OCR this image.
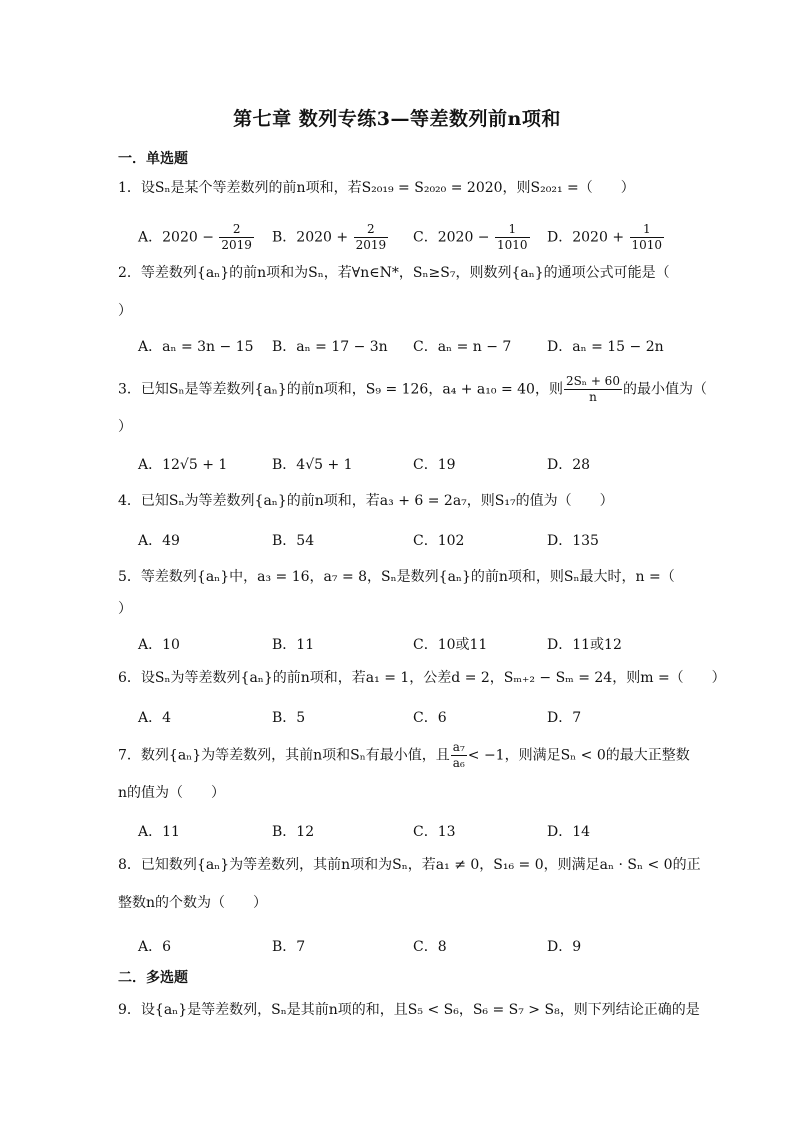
第七章 数列专练3—等差数列前n项和
一．单选题
1．设Sₙ是某个等差数列的前n项和，若S₂₀₁₉ = S₂₀₂₀ = 2020，则S₂₀₂₁ =（　　）
A．$2020 - \frac{2}{2019}$ B．$2020 + \frac{2}{2019}$ C．$2020 - \frac{1}{1010}$ D．$2020 + \frac{1}{1010}$
2．等差数列{aₙ}的前n项和为Sₙ，若∀n∈N*，Sₙ≥S₇，则数列{aₙ}的通项公式可能是（
）
A．aₙ = 3n − 15 B．aₙ = 17 − 3n C．aₙ = n − 7	D．aₙ = 15 − 2n
3．已知Sₙ是等差数列{aₙ}的前n项和，S₉ = 126，a₄ + a₁₀ = 40，则 $\frac{\text{2Sₙ + 60}}{n}$ 的最小值为（
）
A．12√5 + 1	B．4√5 + 1	C．19	D．28
4．已知Sₙ为等差数列{aₙ}的前n项和，若a₃ + 6 = 2a₇，则S₁₇的值为（　　）
A．49	B．54	C．102	D．135
5．等差数列{aₙ}中，a₃ = 16，a₇ = 8，Sₙ是数列{aₙ}的前n项和，则Sₙ最大时，n =（
）
A．10	B．11	C．10或11	D．11或12
6．设Sₙ为等差数列{aₙ}的前n项和，若a₁ = 1，公差d = 2，Sₘ₊₂ − Sₘ = 24，则m =（　　）
A．4	B．5	C．6	D．7
7．数列{aₙ}为等差数列，其前n项和Sₙ有最小值，且 $\frac{\text{a₇}}{\text{a₆}} < -1$，则满足Sₙ < 0的最大正整数
n的值为（　　）
A．11	B．12	C．13	D．14
8．已知数列{aₙ}为等差数列，其前n项和为Sₙ，若a₁ ≠ 0，S₁₆ = 0，则满足aₙ · Sₙ < 0的正
整数n的个数为（　　）
A．6	B．7	C．8	D．9
二．多选题
9．设{aₙ}是等差数列，Sₙ是其前n项的和，且S₅ < S₆，S₆ = S₇ > S₈，则下列结论正确的是
